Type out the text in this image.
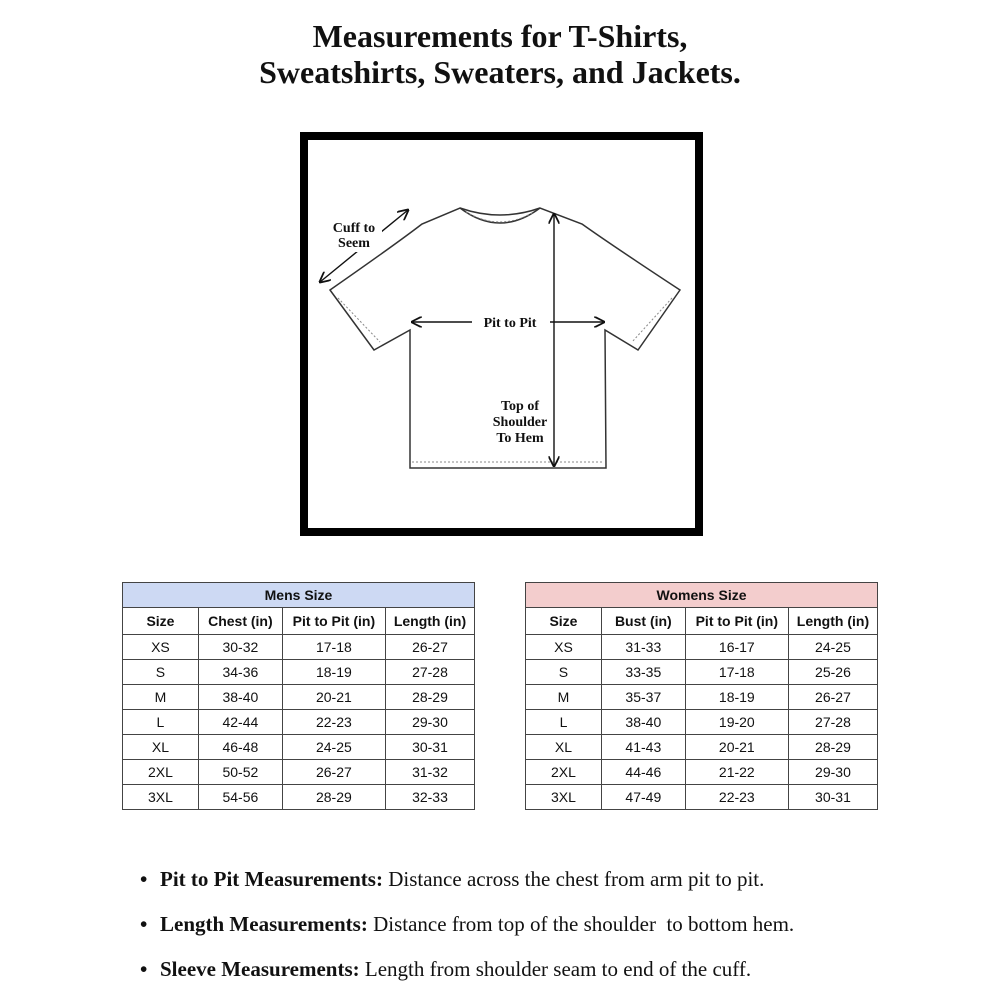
Measurements for T-Shirts,
Sweatshirts, Sweaters, and Jackets.
Cuff to
Seem
Pit to Pit
Top of
Shoulder
To Hem
Mens Size			
Size	Chest (in)	Pit to Pit (in)	Length (in)
XS	30-32	17-18	26-27
S	34-36	18-19	27-28
M	38-40	20-21	28-29
L	42-44	22-23	29-30
XL	46-48	24-25	30-31
2XL	50-52	26-27	31-32
3XL	54-56	28-29	32-33
Womens Size			
Size	Bust (in)	Pit to Pit (in)	Length (in)
XS	31-33	16-17	24-25
S	33-35	17-18	25-26
M	35-37	18-19	26-27
L	38-40	19-20	27-28
XL	41-43	20-21	28-29
2XL	44-46	21-22	29-30
3XL	47-49	22-23	30-31
• Pit to Pit Measurements: Distance across the chest from arm pit to pit.
• Length Measurements: Distance from top of the shoulder  to bottom hem.
• Sleeve Measurements: Length from shoulder seam to end of the cuff.
